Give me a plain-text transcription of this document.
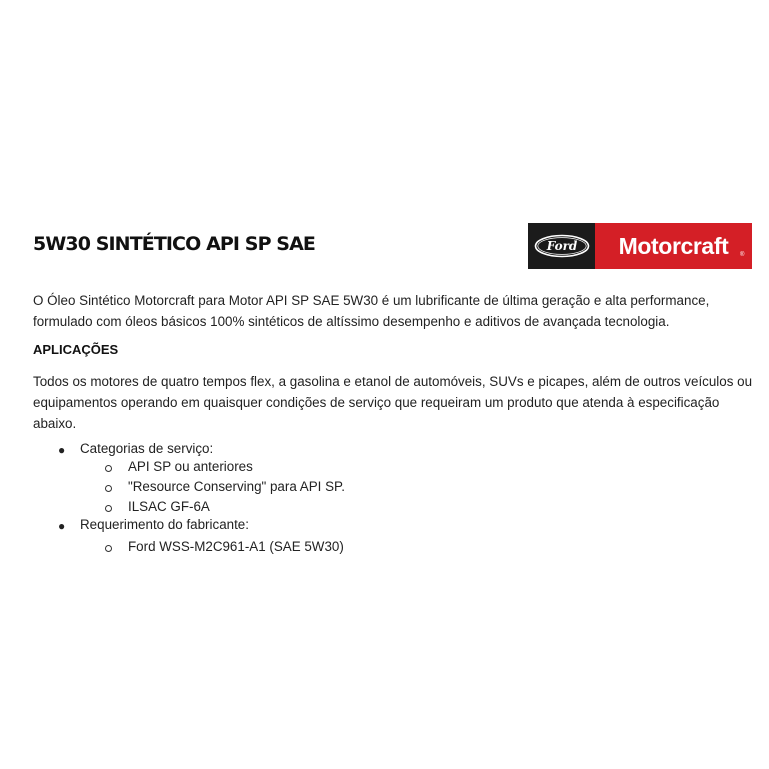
5W30 SINTÉTICO API SP SAE	Ford Motorcraft ®

O Óleo Sintético Motorcraft para Motor API SP SAE 5W30 é um lubrificante de última geração e alta performance, formulado com óleos básicos 100% sintéticos de altíssimo desempenho e aditivos de avançada tecnologia.

APLICAÇÕES

Todos os motores de quatro tempos flex, a gasolina e etanol de automóveis, SUVs e picapes, além de outros veículos ou equipamentos operando em quaisquer condições de serviço que requeiram um produto que atenda à especificação abaixo.

● Categorias de serviço:
API SP ou anteriores
"Resource Conserving" para API SP.
ILSAC GF-6A
● Requerimento do fabricante:
Ford WSS-M2C961-A1 (SAE 5W30)
